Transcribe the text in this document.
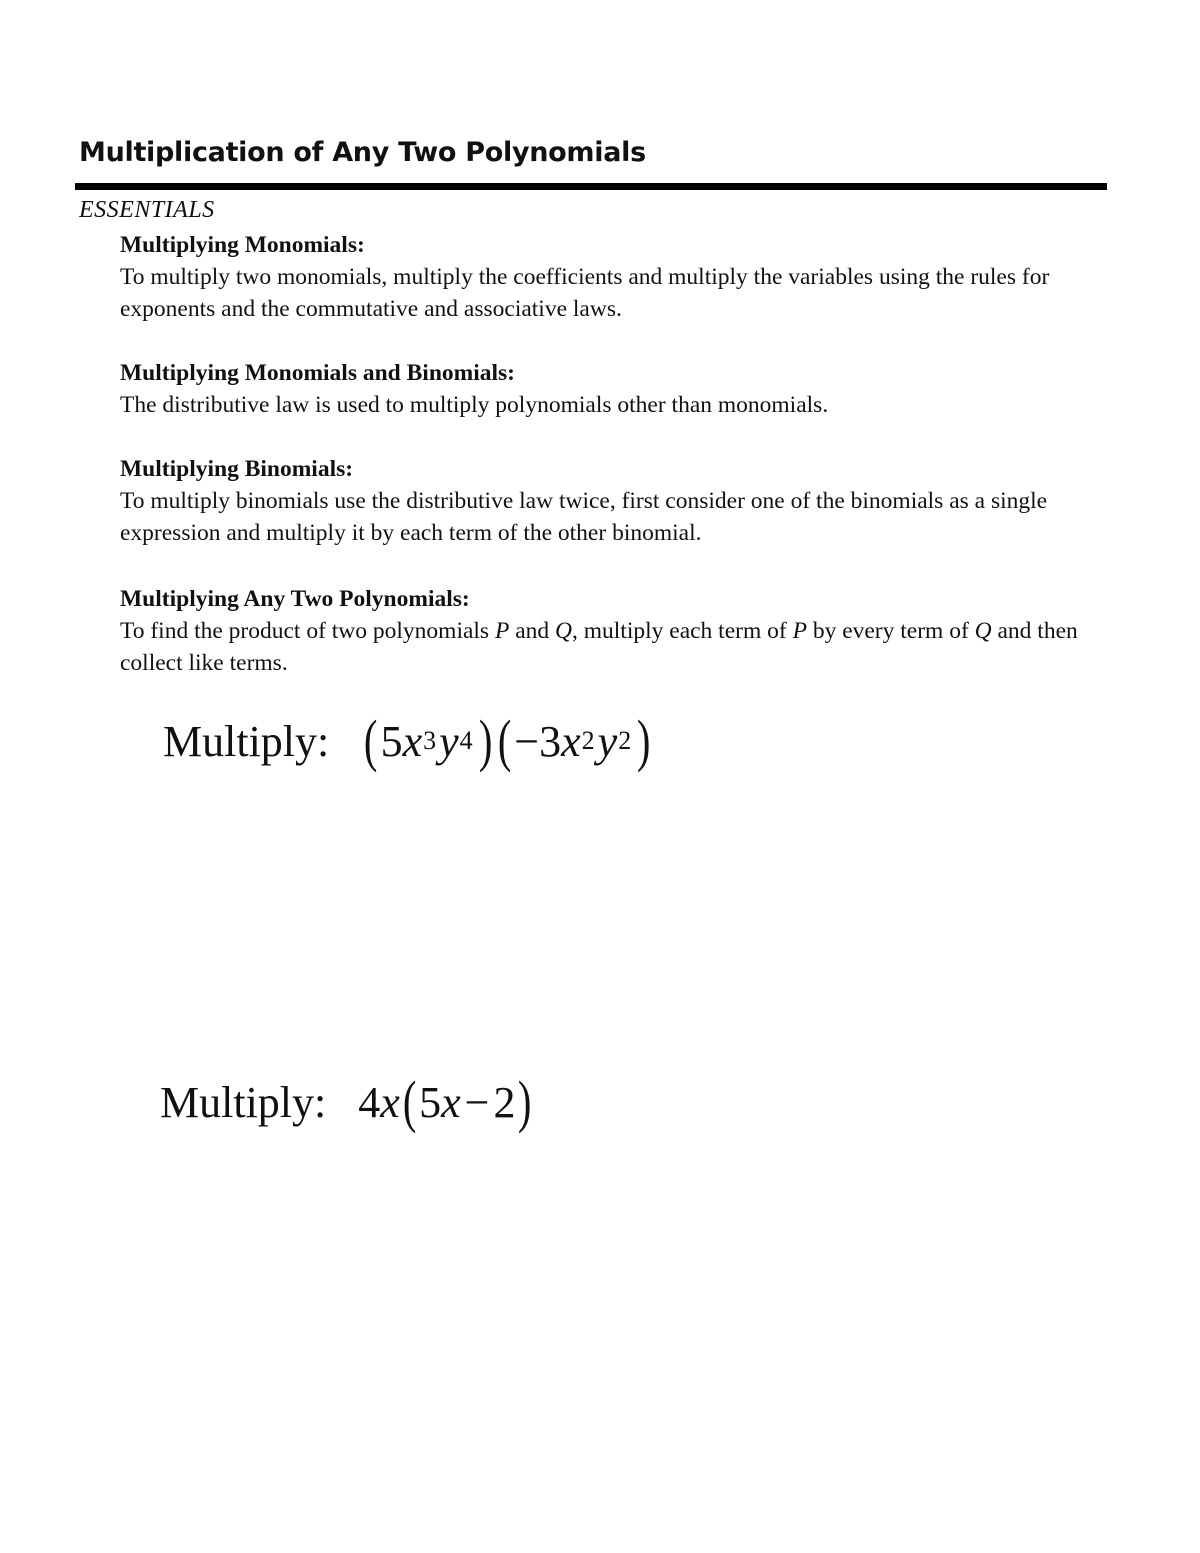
Multiplication of Any Two Polynomials
ESSENTIALS

Multiplying Monomials:

To multiply two monomials, multiply the coefficients and multiply the variables using the rules for exponents and the commutative and associative laws.

Multiplying Monomials and Binomials:

The distributive law is used to multiply polynomials other than monomials.

Multiplying Binomials:

To multiply binomials use the distributive law twice, first consider one of the binomials as a single expression and multiply it by each term of the other binomial.

Multiplying Any Two Polynomials:

To find the product of two polynomials P and Q, multiply each term of P by every term of Q and then collect like terms.

Multiply: ( 5 x 3 y 4 ) ( −3 x 2 y 2 )
Multiply: 4 x ( 5 x − 2 )
